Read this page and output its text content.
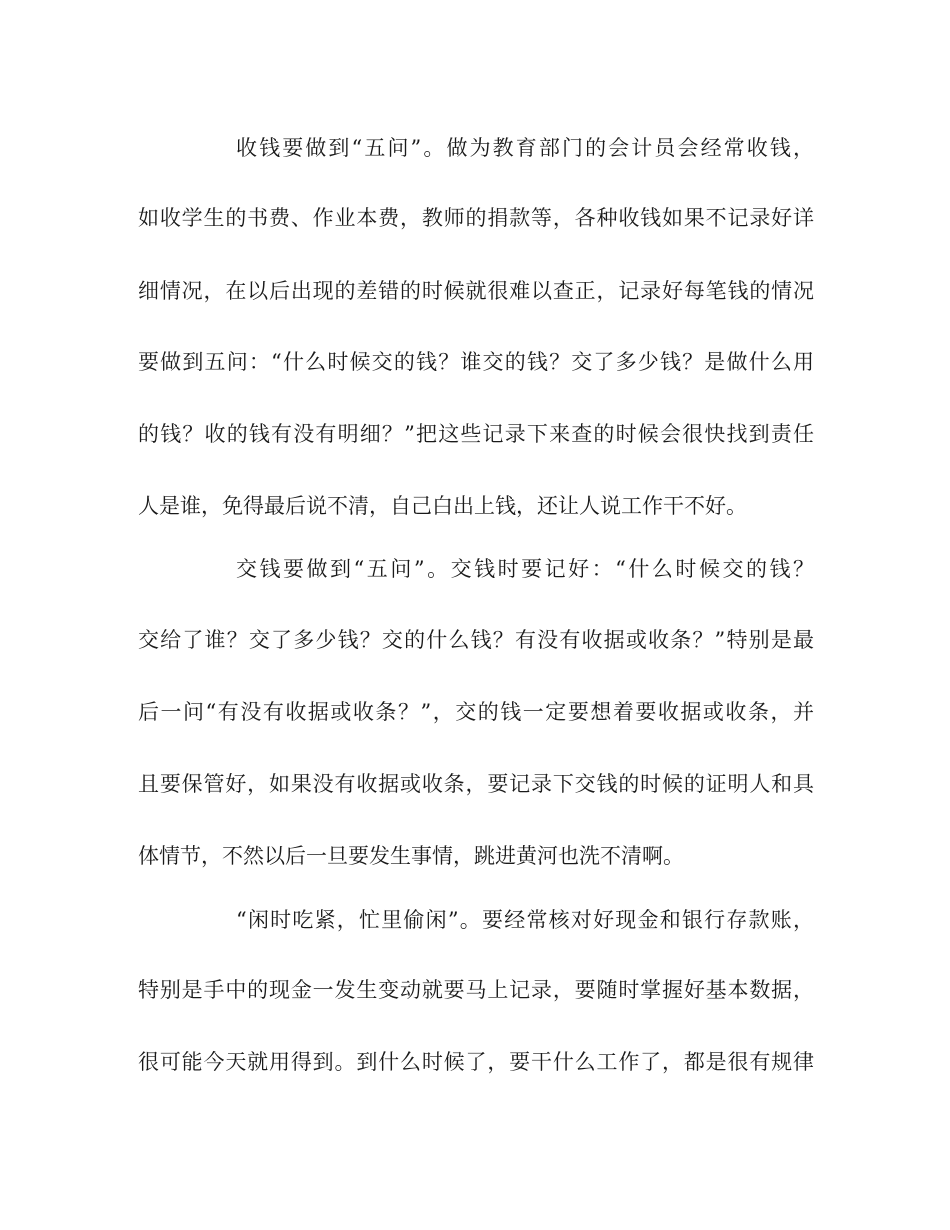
收钱要做到“五问”。做为教育部门的会计员会经常收钱，
如收学生的书费、作业本费，教师的捐款等，各种收钱如果不记录好详
细情况，在以后出现的差错的时候就很难以查正，记录好每笔钱的情况
要做到五问：“什么时候交的钱？谁交的钱？交了多少钱？是做什么用
的钱？收的钱有没有明细？”把这些记录下来查的时候会很快找到责任
人是谁，免得最后说不清，自己白出上钱，还让人说工作干不好。
交钱要做到“五问”。交钱时要记好：“什么时候交的钱？
交给了谁？交了多少钱？交的什么钱？有没有收据或收条？”特别是最
后一问“有没有收据或收条？”，交的钱一定要想着要收据或收条，并
且要保管好，如果没有收据或收条，要记录下交钱的时候的证明人和具
体情节，不然以后一旦要发生事情，跳进黄河也洗不清啊。
“闲时吃紧，忙里偷闲”。要经常核对好现金和银行存款账，
特别是手中的现金一发生变动就要马上记录，要随时掌握好基本数据，
很可能今天就用得到。到什么时候了，要干什么工作了，都是很有规律
